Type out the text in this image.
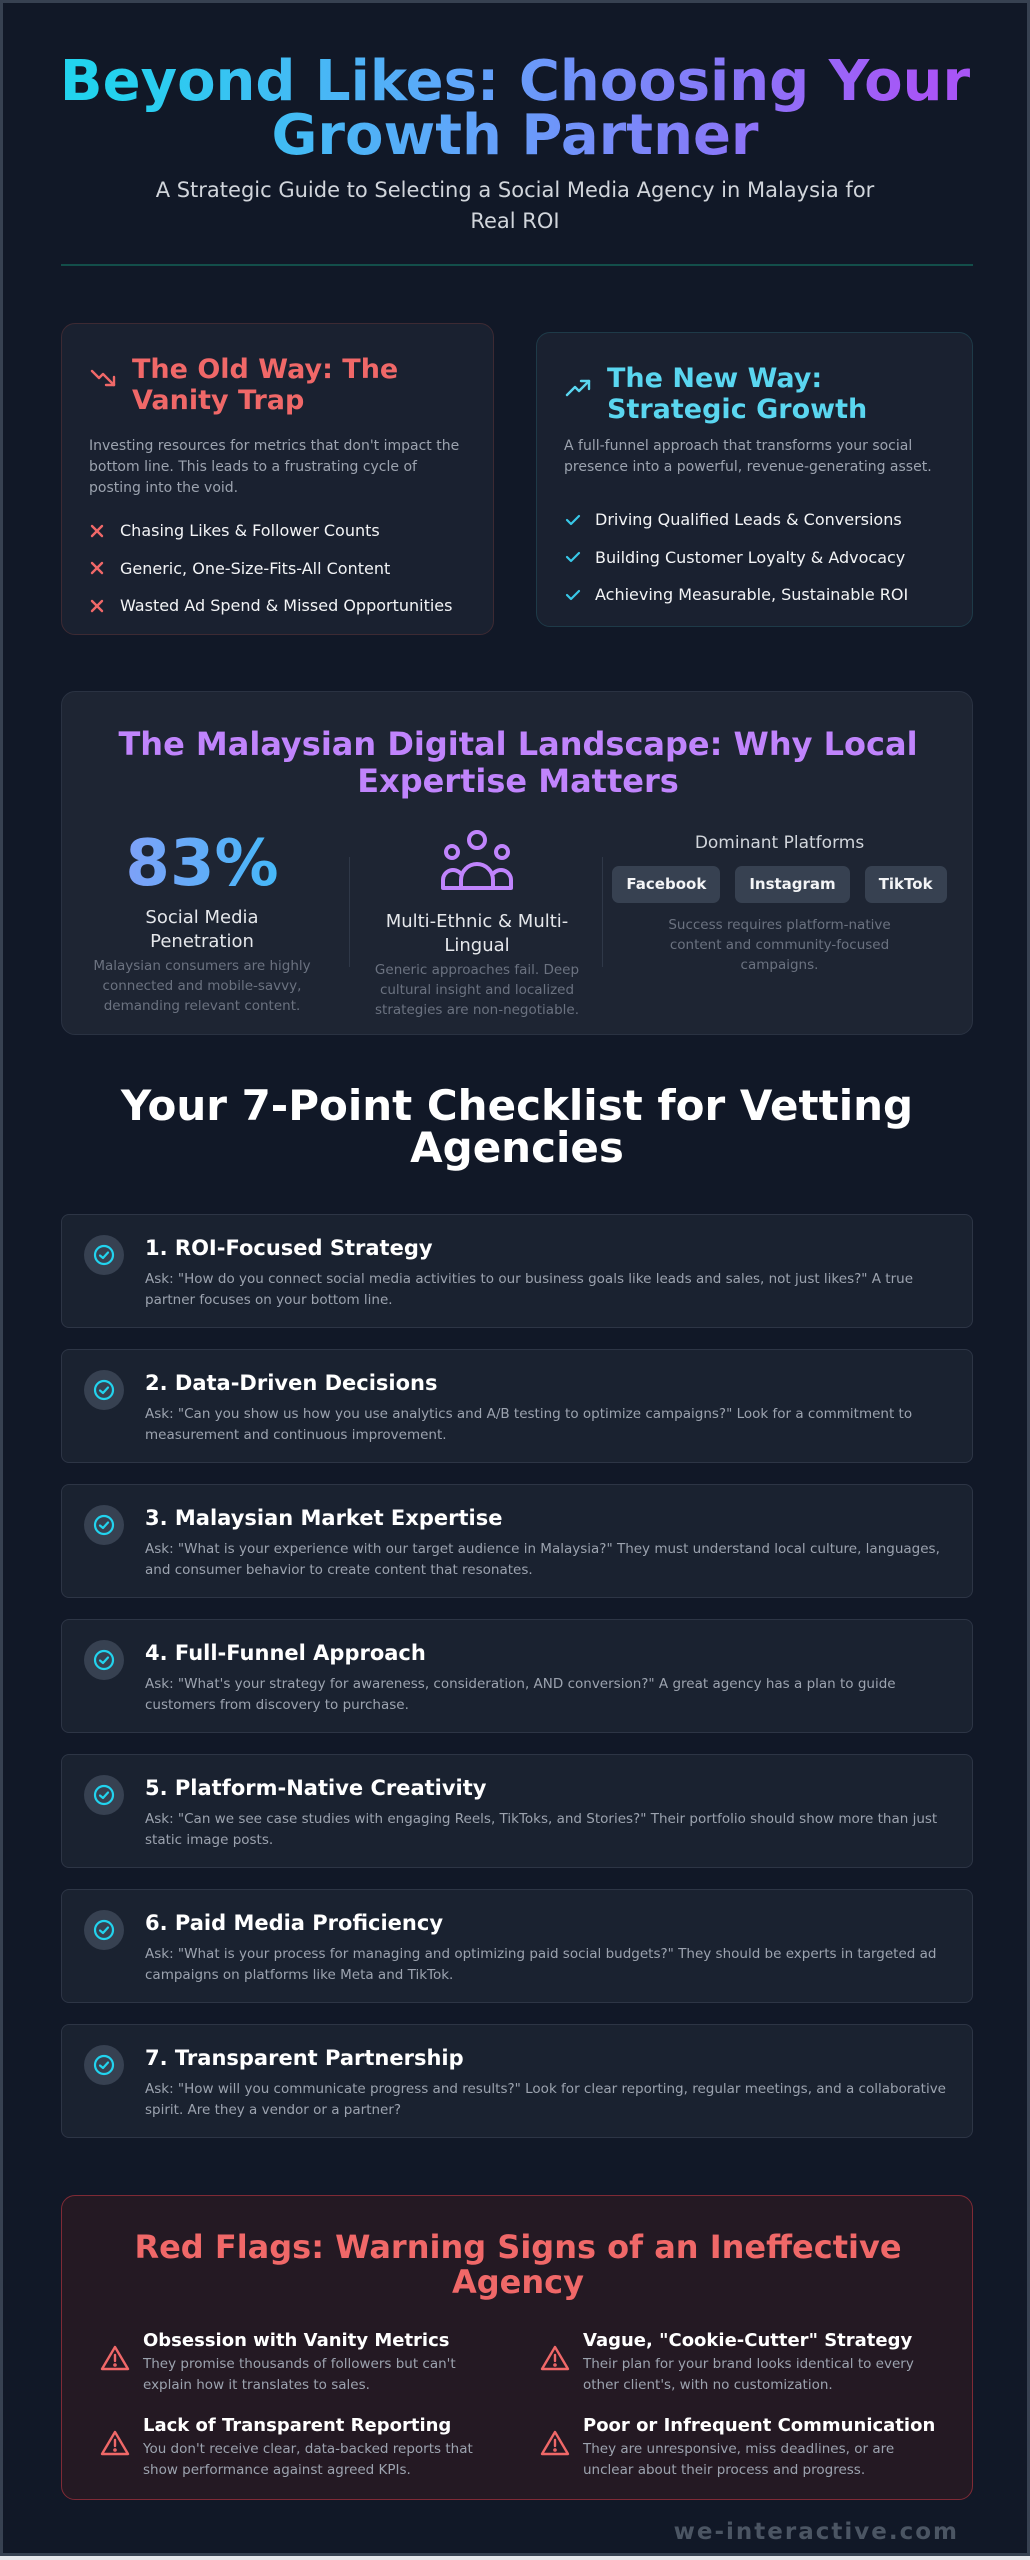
Beyond Likes: Choosing Your
Growth Partner

A Strategic Guide to Selecting a Social Media Agency in Malaysia for Real ROI

The Old Way: The
Vanity Trap

Investing resources for metrics that don't impact the bottom line. This leads to a frustrating cycle of posting into the void.

Chasing Likes & Follower Counts
Generic, One-Size-Fits-All Content
Wasted Ad Spend & Missed Opportunities
The New Way:
Strategic Growth

A full-funnel approach that transforms your social presence into a powerful, revenue-generating asset.

Driving Qualified Leads & Conversions
Building Customer Loyalty & Advocacy
Achieving Measurable, Sustainable ROI
The Malaysian Digital Landscape: Why Local Expertise Matters
83%
Social Media Penetration
Malaysian consumers are highly connected and mobile-savvy, demanding relevant content.
Multi-Ethnic & Multi-Lingual
Generic approaches fail. Deep cultural insight and localized strategies are non-negotiable.
Dominant Platforms
Facebook	Instagram	TikTok
Success requires platform-native content and community-focused campaigns.
Your 7-Point Checklist for Vetting
Agencies
1. ROI-Focused Strategy

Ask: "How do you connect social media activities to our business goals like leads and sales, not just likes?" A true partner focuses on your bottom line.

2. Data-Driven Decisions

Ask: "Can you show us how you use analytics and A/B testing to optimize campaigns?" Look for a commitment to measurement and continuous improvement.

3. Malaysian Market Expertise

Ask: "What is your experience with our target audience in Malaysia?" They must understand local culture, languages, and consumer behavior to create content that resonates.

4. Full-Funnel Approach

Ask: "What's your strategy for awareness, consideration, AND conversion?" A great agency has a plan to guide customers from discovery to purchase.

5. Platform-Native Creativity

Ask: "Can we see case studies with engaging Reels, TikToks, and Stories?" Their portfolio should show more than just static image posts.

6. Paid Media Proficiency

Ask: "What is your process for managing and optimizing paid social budgets?" They should be experts in targeted ad campaigns on platforms like Meta and TikTok.

7. Transparent Partnership

Ask: "How will you communicate progress and results?" Look for clear reporting, regular meetings, and a collaborative spirit. Are they a vendor or a partner?

Red Flags: Warning Signs of an Ineffective
Agency
Obsession with Vanity Metrics
They promise thousands of followers but can't explain how it translates to sales.
Vague, "Cookie-Cutter" Strategy
Their plan for your brand looks identical to every other client's, with no customization.
Lack of Transparent Reporting
You don't receive clear, data-backed reports that show performance against agreed KPIs.
Poor or Infrequent Communication
They are unresponsive, miss deadlines, or are unclear about their process and progress.
we-interactive.com
